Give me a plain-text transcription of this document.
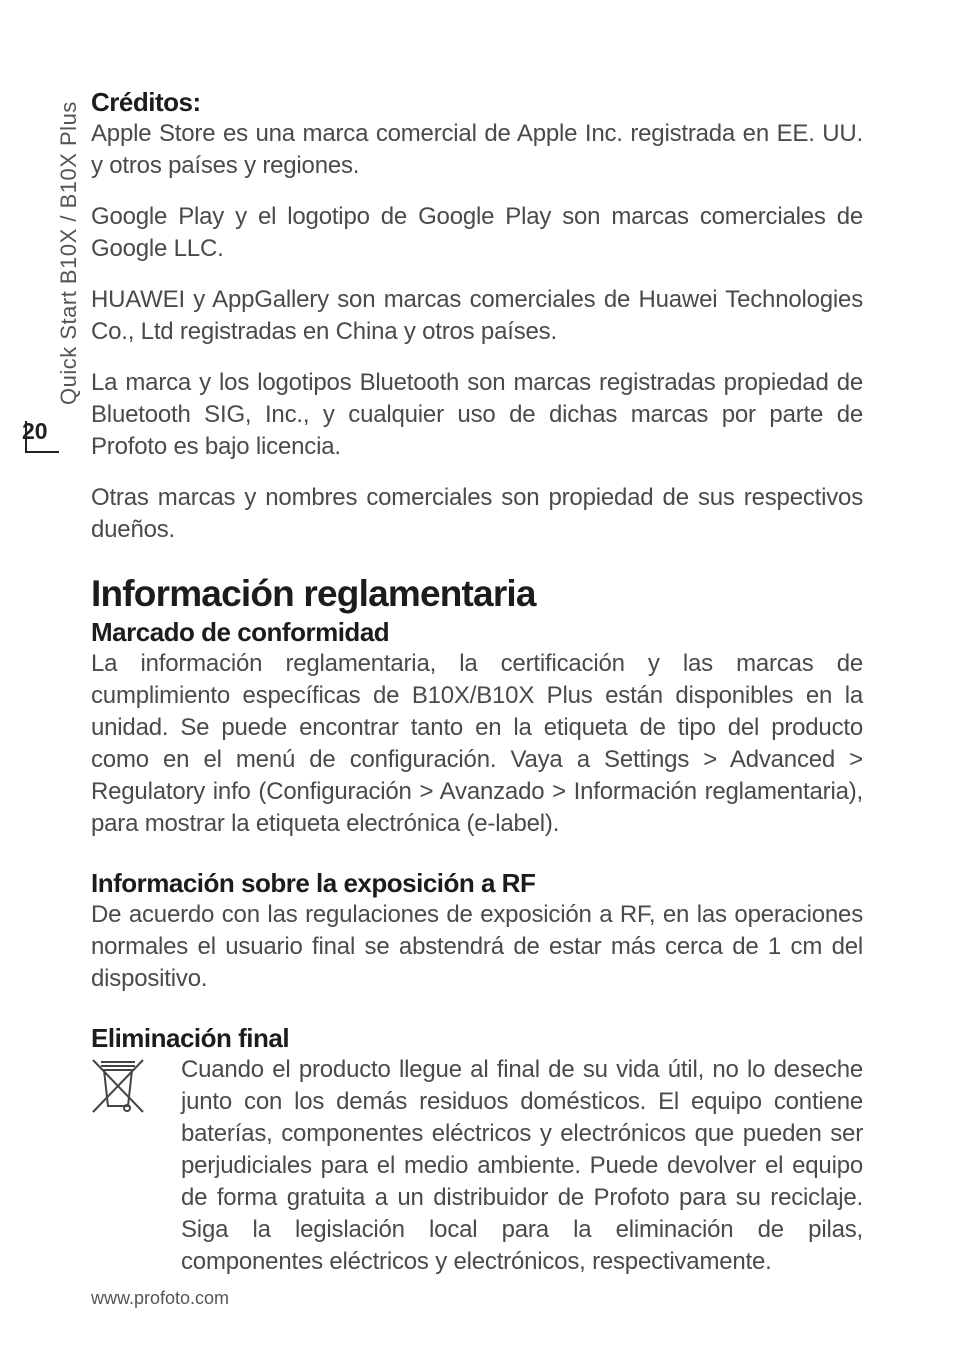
Quick Start B10X / B10X Plus
20

Créditos:

Apple Store es una marca comercial de Apple Inc. registrada en EE. UU. y otros países y regiones.

Google Play y el logotipo de Google Play son marcas comerciales de Google LLC.

HUAWEI y AppGallery son marcas comerciales de Huawei Technologies Co., Ltd registradas en China y otros países.

La marca y los logotipos Bluetooth son marcas registradas propiedad de Bluetooth SIG, Inc., y cualquier uso de dichas marcas por parte de Profoto es bajo licencia.

Otras marcas y nombres comerciales son propiedad de sus respectivos dueños.

Información reglamentaria

Marcado de conformidad

La información reglamentaria, la certificación y las marcas de cumplimiento específicas de B10X/B10X Plus están disponibles en la unidad. Se puede encontrar tanto en la etiqueta de tipo del producto como en el menú de configuración. Vaya a Settings > Advanced > Regulatory info (Configuración > Avanzado > Información reglamentaria), para mostrar la etiqueta electrónica (e-label).

Información sobre la exposición a RF

De acuerdo con las regulaciones de exposición a RF, en las operaciones normales el usuario final se abstendrá de estar más cerca de 1 cm del dispositivo.

Eliminación final

Cuando el producto llegue al final de su vida útil, no lo deseche junto con los demás residuos domésticos. El equipo contiene baterías, componentes eléctricos y electrónicos que pueden ser perjudiciales para el medio ambiente. Puede devolver el equipo de forma gratuita a un distribuidor de Profoto para su reciclaje. Siga la legislación local para la eliminación de pilas, componentes eléctricos y electrónicos, respectivamente.

www.profoto.com
